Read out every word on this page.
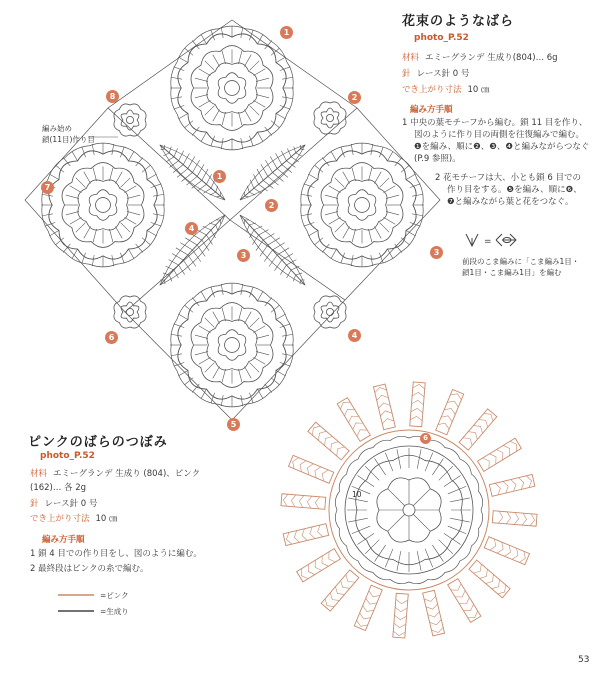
花束のようなばら
photo_P.52
材料 エミーグランデ 生成り(804)… 6g
針 レース針 0 号
でき上がり寸法 10 ㎝
編み方手順
1 中央の葉モチーフから編む。鎖 11 目を作り、
図のように作り目の両側を往復編みで編む。
❶を編み、順に❷、❸、❹と編みながらつなぐ
(P.9 参照)。
2 花モチーフは大、小とも鎖 6 目での
作り目をする。❺を編み、順に❻、
❼と編みながら葉と花をつなぐ。
=
前段のこま編みに「こま編み1目・
鎖1目・こま編み1目」を編む
編み始め
鎖(11目)作り目
1
2
3
4
5
6
7
8
1
2
3
4
ピンクのばらのつぼみ
photo_P.52
材料 エミーグランデ 生成り (804)、ピンク
(162)… 各 2g
針 レース針 0 号
でき上がり寸法 10 ㎝
編み方手順
1 鎖 4 目での作り目をし、図のように編む。
2 最終段はピンクの糸で編む。
=ピンク
=生成り
10
6
53
